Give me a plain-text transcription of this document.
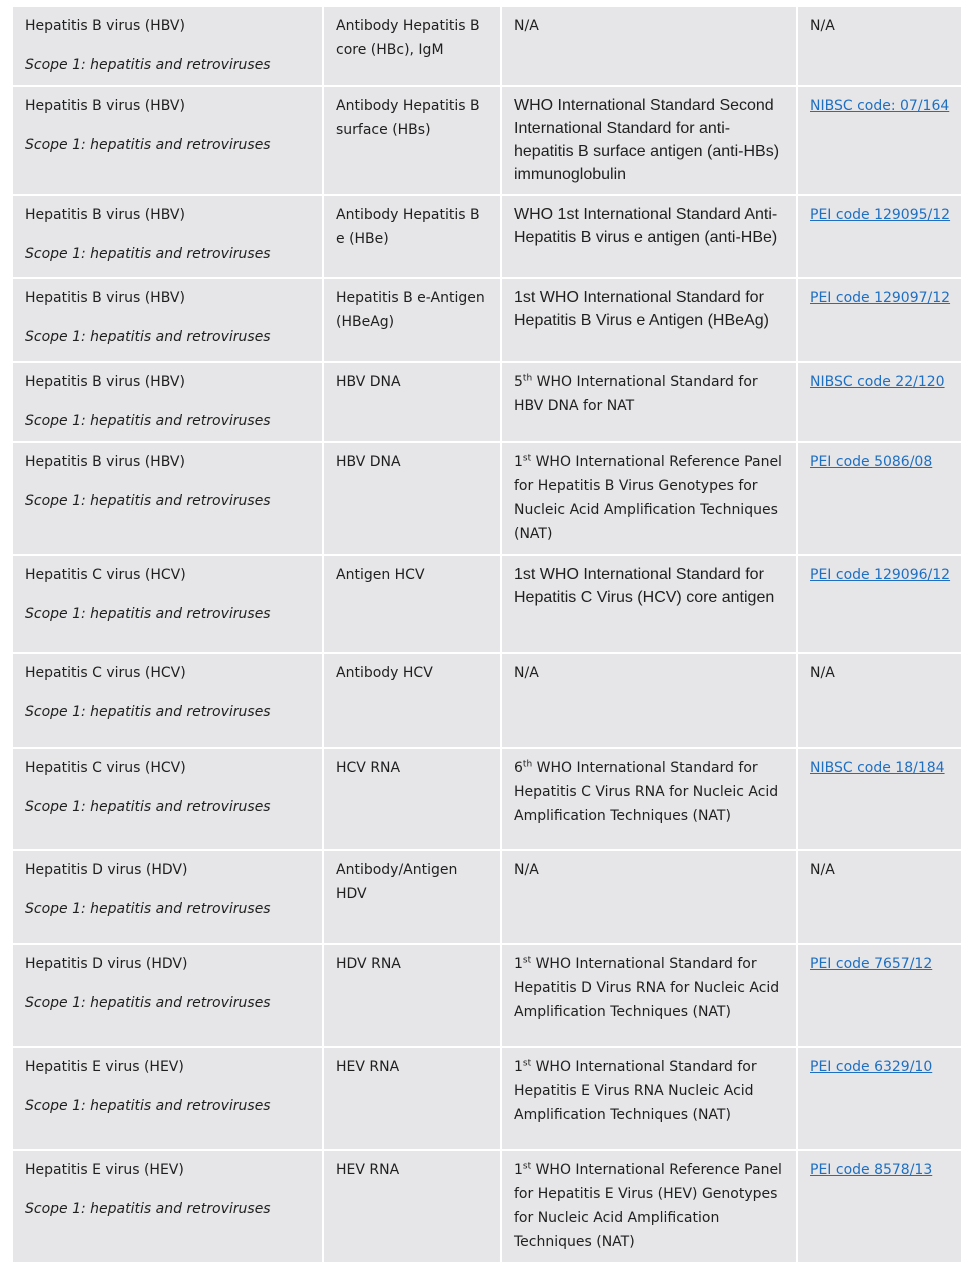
Hepatitis B virus (HBV)
Scope 1: hepatitis and retroviruses	Antibody Hepatitis B core (HBc), IgM	N/A	N/A

Hepatitis B virus (HBV)
Scope 1: hepatitis and retroviruses	Antibody Hepatitis B surface (HBs)	WHO International Standard Second International Standard for anti-hepatitis B surface antigen (anti-HBs) immunoglobulin	NIBSC code: 07/164

Hepatitis B virus (HBV)
Scope 1: hepatitis and retroviruses	Antibody Hepatitis B e (HBe)	WHO 1st International Standard Anti-Hepatitis B virus e antigen (anti-HBe)	PEI code 129095/12

Hepatitis B virus (HBV)
Scope 1: hepatitis and retroviruses	Hepatitis B e-Antigen (HBeAg)	1st WHO International Standard for Hepatitis B Virus e Antigen (HBeAg)	PEI code 129097/12

Hepatitis B virus (HBV)
Scope 1: hepatitis and retroviruses	HBV DNA	5th WHO International Standard for HBV DNA for NAT	NIBSC code 22/120

Hepatitis B virus (HBV)
Scope 1: hepatitis and retroviruses	HBV DNA	1st WHO International Reference Panel for Hepatitis B Virus Genotypes for Nucleic Acid Amplification Techniques (NAT)	PEI code 5086/08

Hepatitis C virus (HCV)
Scope 1: hepatitis and retroviruses	Antigen HCV	1st WHO International Standard for Hepatitis C Virus (HCV) core antigen	PEI code 129096/12

Hepatitis C virus (HCV)
Scope 1: hepatitis and retroviruses	Antibody HCV	N/A	N/A

Hepatitis C virus (HCV)
Scope 1: hepatitis and retroviruses	HCV RNA	6th WHO International Standard for Hepatitis C Virus RNA for Nucleic Acid Amplification Techniques (NAT)	NIBSC code 18/184

Hepatitis D virus (HDV)
Scope 1: hepatitis and retroviruses	Antibody/Antigen HDV	N/A	N/A

Hepatitis D virus (HDV)
Scope 1: hepatitis and retroviruses	HDV RNA	1st WHO International Standard for Hepatitis D Virus RNA for Nucleic Acid Amplification Techniques (NAT)	PEI code 7657/12

Hepatitis E virus (HEV)
Scope 1: hepatitis and retroviruses	HEV RNA	1st WHO International Standard for Hepatitis E Virus RNA Nucleic Acid Amplification Techniques (NAT)	PEI code 6329/10

Hepatitis E virus (HEV)
Scope 1: hepatitis and retroviruses	HEV RNA	1st WHO International Reference Panel for Hepatitis E Virus (HEV) Genotypes for Nucleic Acid Amplification Techniques (NAT)	PEI code 8578/13
